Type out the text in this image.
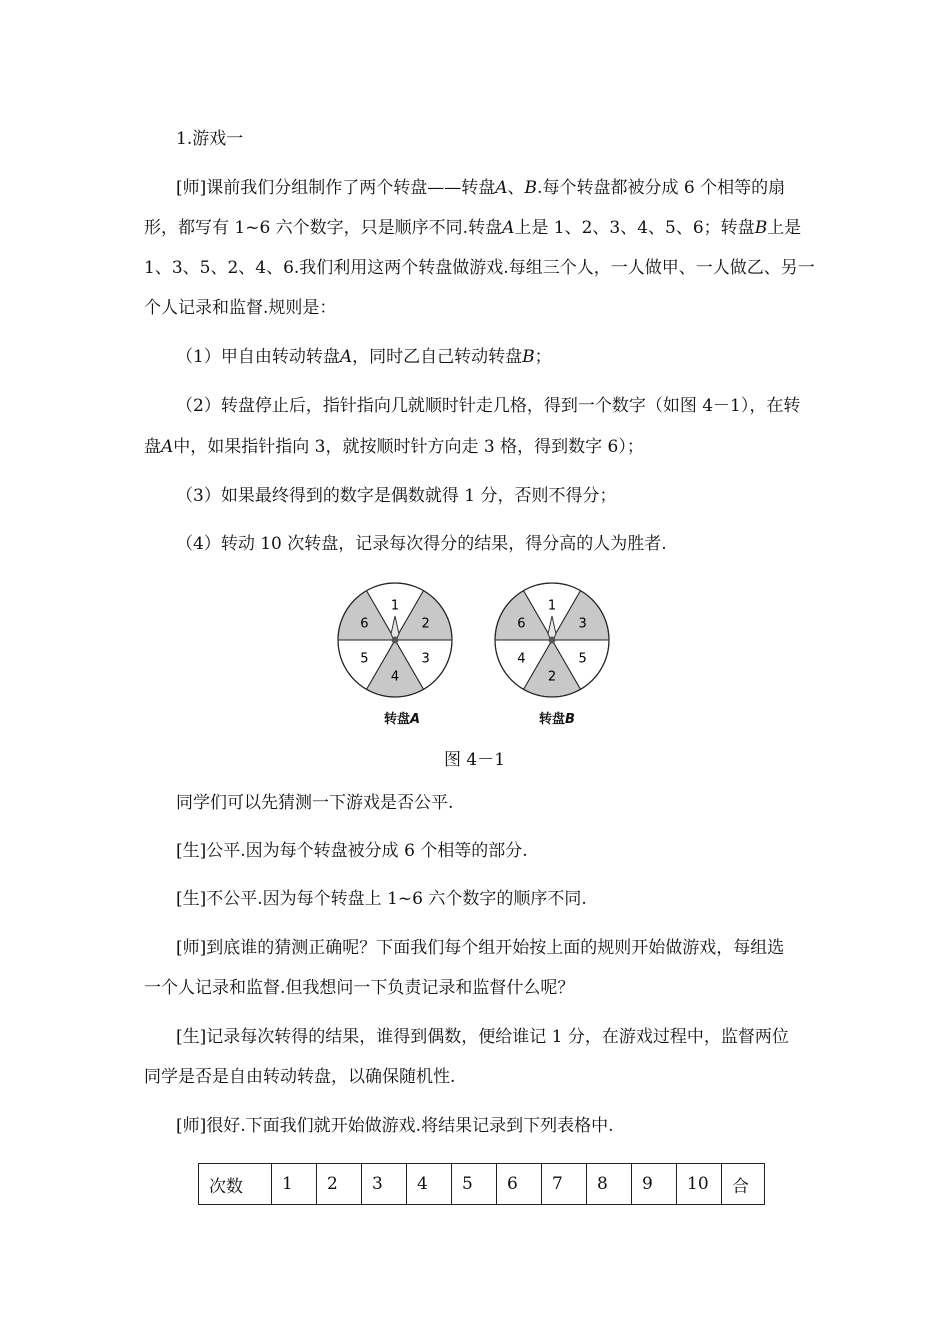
1.游戏一
[师]课前我们分组制作了两个转盘——转盘A、B.每个转盘都被分成 6 个相等的扇
形，都写有 1~6 六个数字，只是顺序不同.转盘A上是 1、2、3、4、5、6；转盘B上是
1、3、5、2、4、6.我们利用这两个转盘做游戏.每组三个人，一人做甲、一人做乙、另一
个人记录和监督.规则是：
（1）甲自由转动转盘A，同时乙自己转动转盘B；
（2）转盘停止后，指针指向几就顺时针走几格，得到一个数字（如图 4－1），在转
盘A中，如果指针指向 3，就按顺时针方向走 3 格，得到数字 6）；
（3）如果最终得到的数字是偶数就得 1 分，否则不得分；
（4）转动 10 次转盘，记录每次得分的结果，得分高的人为胜者.
1
2
3
4
5
6
1
3
5
2
4
6
转盘A	转盘B
图 4－1
同学们可以先猜测一下游戏是否公平.
[生]公平.因为每个转盘被分成 6 个相等的部分.
[生]不公平.因为每个转盘上 1~6 六个数字的顺序不同.
[师]到底谁的猜测正确呢？下面我们每个组开始按上面的规则开始做游戏，每组选
一个人记录和监督.但我想问一下负责记录和监督什么呢？
[生]记录每次转得的结果，谁得到偶数，便给谁记 1 分，在游戏过程中，监督两位
同学是否是自由转动转盘，以确保随机性.
[师]很好.下面我们就开始做游戏.将结果记录到下列表格中.
次数	1	2	3	4	5	6	7	8	9	10	合
